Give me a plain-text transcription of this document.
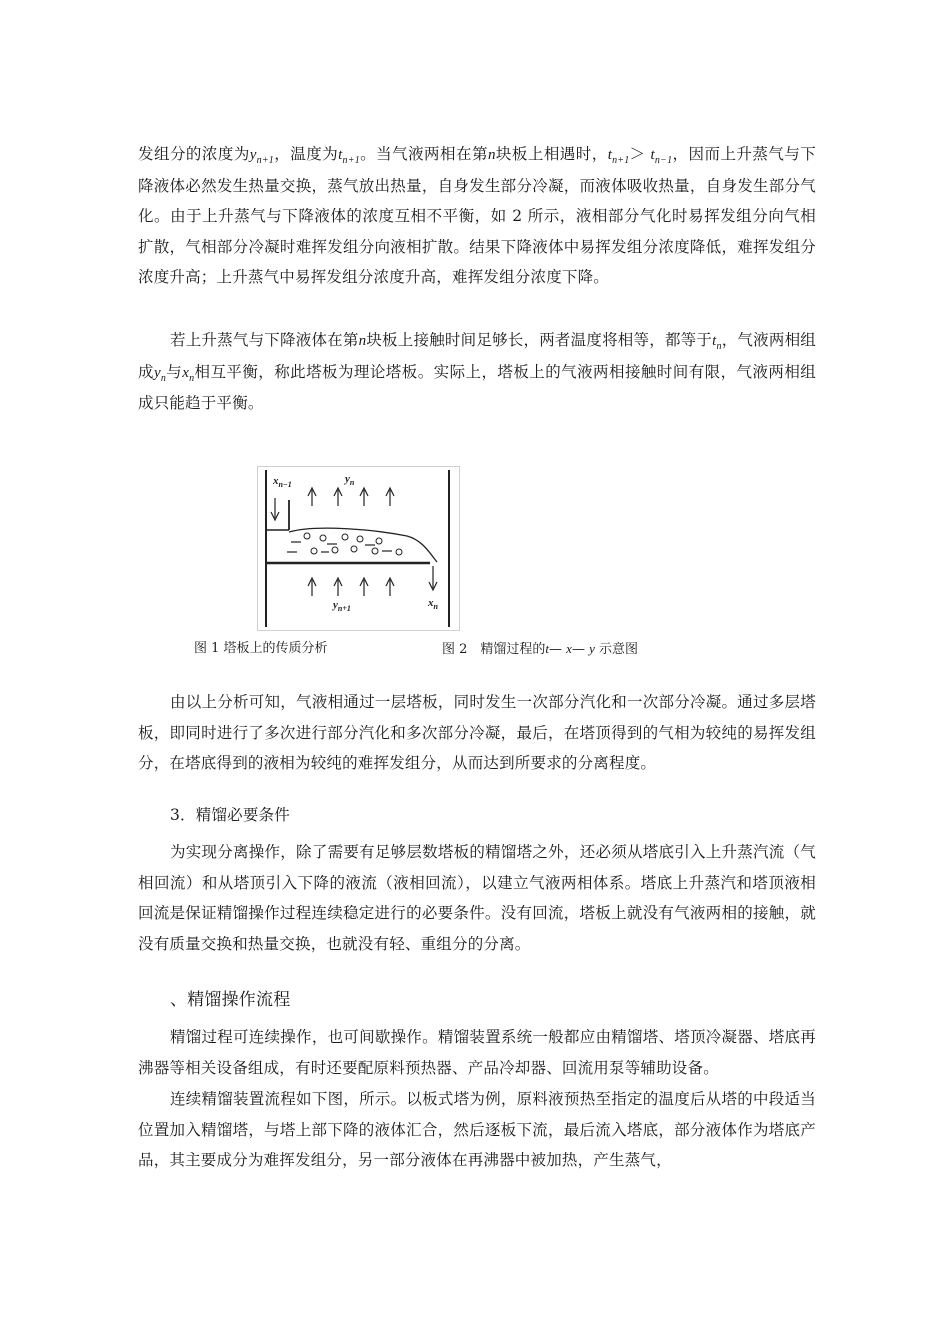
发组分的浓度为$y_{n+1}$，温度为$t_{n+1}$。当气液两相在第n块板上相遇时，$t_{n+1}> t_{n-1}$，因而上升蒸气与下降液体必然发生热量交换，蒸气放出热量，自身发生部分冷凝，而液体吸收热量，自身发生部分气化。由于上升蒸气与下降液体的浓度互相不平衡，如 2 所示，液相部分气化时易挥发组分向气相扩散，气相部分冷凝时难挥发组分向液相扩散。结果下降液体中易挥发组分浓度降低，难挥发组分浓度升高；上升蒸气中易挥发组分浓度升高，难挥发组分浓度下降。

若上升蒸气与下降液体在第n块板上接触时间足够长，两者温度将相等，都等于$t_n$，气液两相组成$y_n$与$x_n$相互平衡，称此塔板为理论塔板。实际上，塔板上的气液两相接触时间有限，气液两相组成只能趋于平衡。

$x_{n-1}$	$y_n$
$y_{n+1}$	$x_n$
图 1 塔板上的传质分析	图 2　精馏过程的t— x— y 示意图

由以上分析可知，气液相通过一层塔板，同时发生一次部分汽化和一次部分冷凝。通过多层塔板，即同时进行了多次进行部分汽化和多次部分冷凝，最后，在塔顶得到的气相为较纯的易挥发组分，在塔底得到的液相为较纯的难挥发组分，从而达到所要求的分离程度。

3．精馏必要条件

为实现分离操作，除了需要有足够层数塔板的精馏塔之外，还必须从塔底引入上升蒸汽流（气相回流）和从塔顶引入下降的液流（液相回流），以建立气液两相体系。塔底上升蒸汽和塔顶液相回流是保证精馏操作过程连续稳定进行的必要条件。没有回流，塔板上就没有气液两相的接触，就没有质量交换和热量交换，也就没有轻、重组分的分离。

、精馏操作流程

精馏过程可连续操作，也可间歇操作。精馏装置系统一般都应由精馏塔、塔顶冷凝器、塔底再沸器等相关设备组成，有时还要配原料预热器、产品冷却器、回流用泵等辅助设备。

连续精馏装置流程如下图，所示。以板式塔为例，原料液预热至指定的温度后从塔的中段适当位置加入精馏塔，与塔上部下降的液体汇合，然后逐板下流，最后流入塔底，部分液体作为塔底产品，其主要成分为难挥发组分，另一部分液体在再沸器中被加热，产生蒸气，
